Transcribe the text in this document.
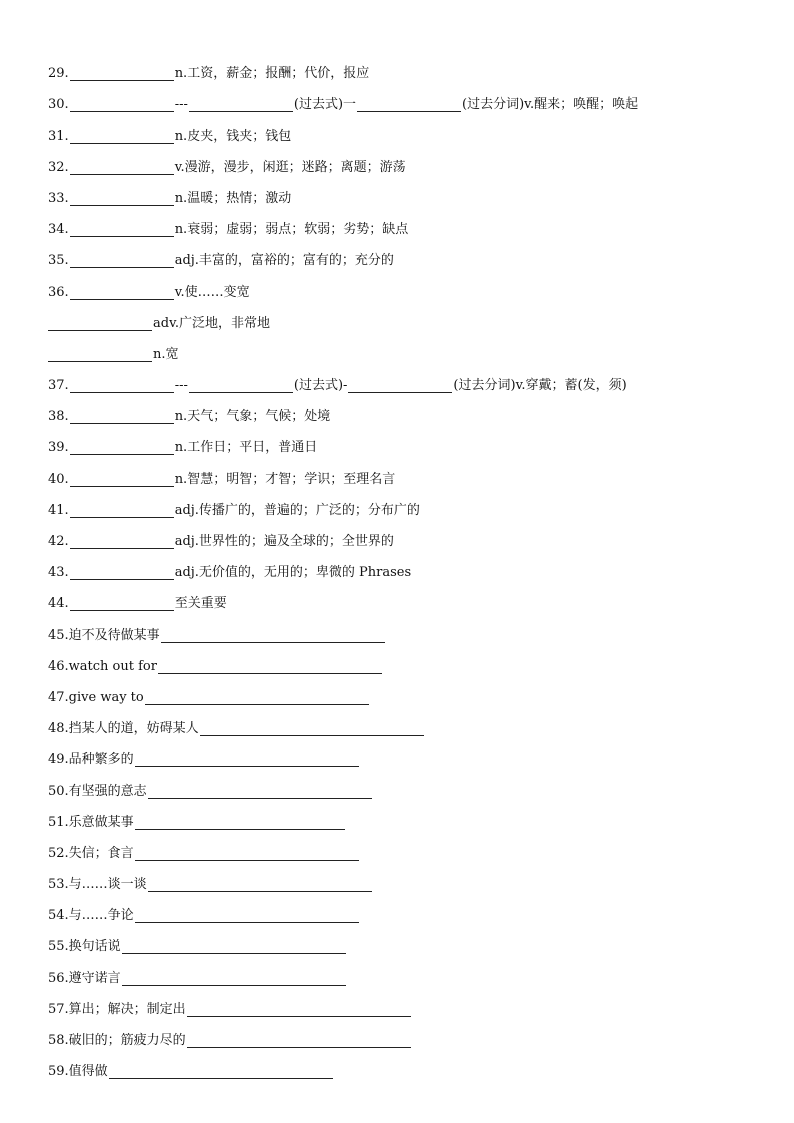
29.	n.工资，薪金；报酬；代价，报应
30.	---	(过去式)一	(过去分词)v.醒来；唤醒；唤起
31.	n.皮夹，钱夹；钱包
32.	v.漫游，漫步，闲逛；迷路；离题；游荡
33.	n.温暖；热情；激动
34.	n.衰弱；虚弱；弱点；软弱；劣势；缺点
35.	adj.丰富的，富裕的；富有的；充分的
36.	v.使……变宽
adv.广泛地，非常地
n.宽
37.	---	(过去式)-	(过去分词)v.穿戴；蓄(发，须)
38.	n.天气；气象；气候；处境
39.	n.工作日；平日，普通日
40.	n.智慧；明智；才智；学识；至理名言
41.	adj.传播广的，普遍的；广泛的；分布广的
42.	adj.世界性的；遍及全球的；全世界的
43.	adj.无价值的，无用的；卑微的 Phrases
44.	至关重要
45.迫不及待做某事
46.watch out for
47.give way to
48.挡某人的道，妨碍某人
49.品种繁多的
50.有坚强的意志
51.乐意做某事
52.失信；食言
53.与……谈一谈
54.与……争论
55.换句话说
56.遵守诺言
57.算出；解决；制定出
58.破旧的；筋疲力尽的
59.值得做
